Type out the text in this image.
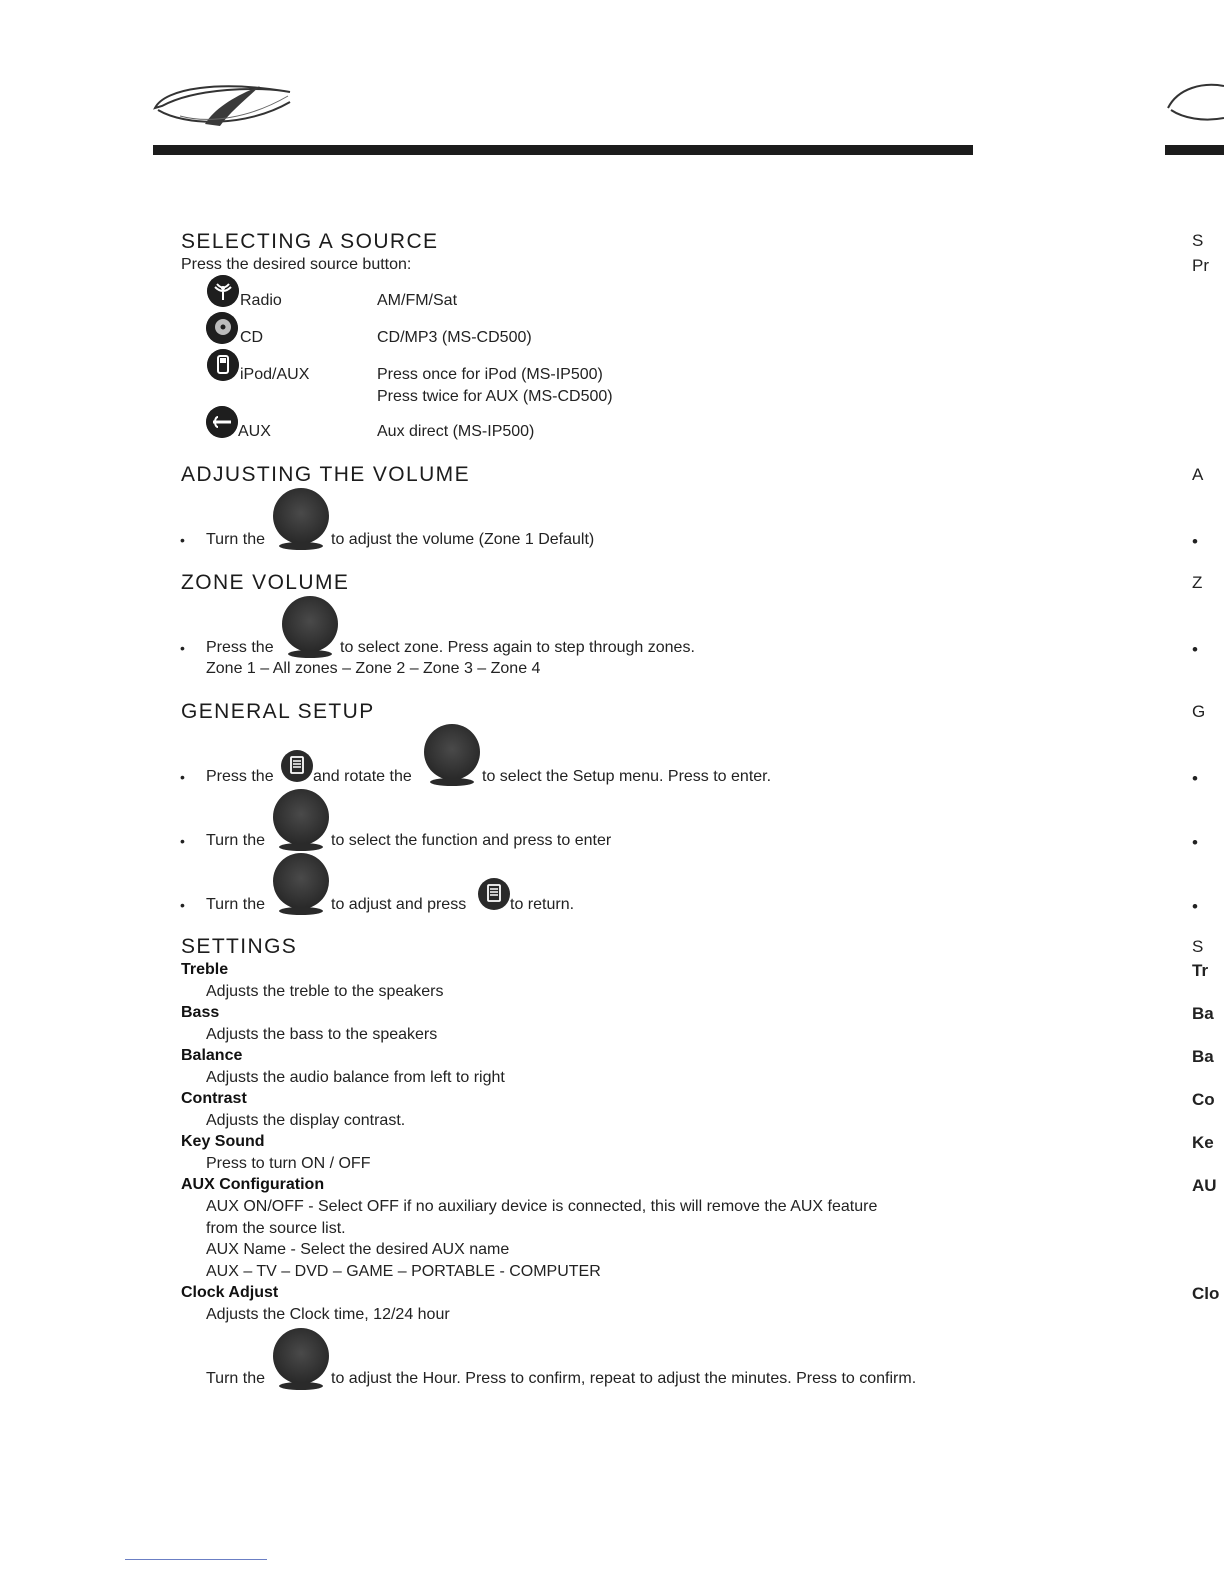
SELECTING A SOURCE
Press the desired source button:
Radio	AM/FM/Sat
CD	CD/MP3 (MS-CD500)
iPod/AUX	Press once for iPod (MS-IP500)
Press twice for AUX (MS-CD500)
AUX	Aux direct (MS-IP500)
ADJUSTING THE VOLUME
• Turn the	to adjust the volume (Zone 1 Default)
ZONE VOLUME
• Press the	to select zone. Press again to step through zones.
Zone 1 – All zones – Zone 2 – Zone 3 – Zone 4
GENERAL SETUP
• Press the and rotate the	to select the Setup menu. Press to enter.
• Turn the	to select the function and press to enter
• Turn the	to adjust and press	to return.
SETTINGS
Treble
Adjusts the treble to the speakers
Bass
Adjusts the bass to the speakers
Balance
Adjusts the audio balance from left to right
Contrast
Adjusts the display contrast.
Key Sound
Press to turn ON / OFF
AUX Configuration
AUX ON/OFF - Select OFF if no auxiliary device is connected, this will remove the AUX feature
from the source list.
AUX Name - Select the desired AUX name
AUX – TV – DVD – GAME – PORTABLE - COMPUTER
Clock Adjust
Adjusts the Clock time, 12/24 hour
Turn the	to adjust the Hour. Press to confirm, repeat to adjust the minutes. Press to confirm.
S
Pr
A
•
Z
•
G
•
•
•
S
Tr
Ba
Ba
Co
Ke
AU
Clo
